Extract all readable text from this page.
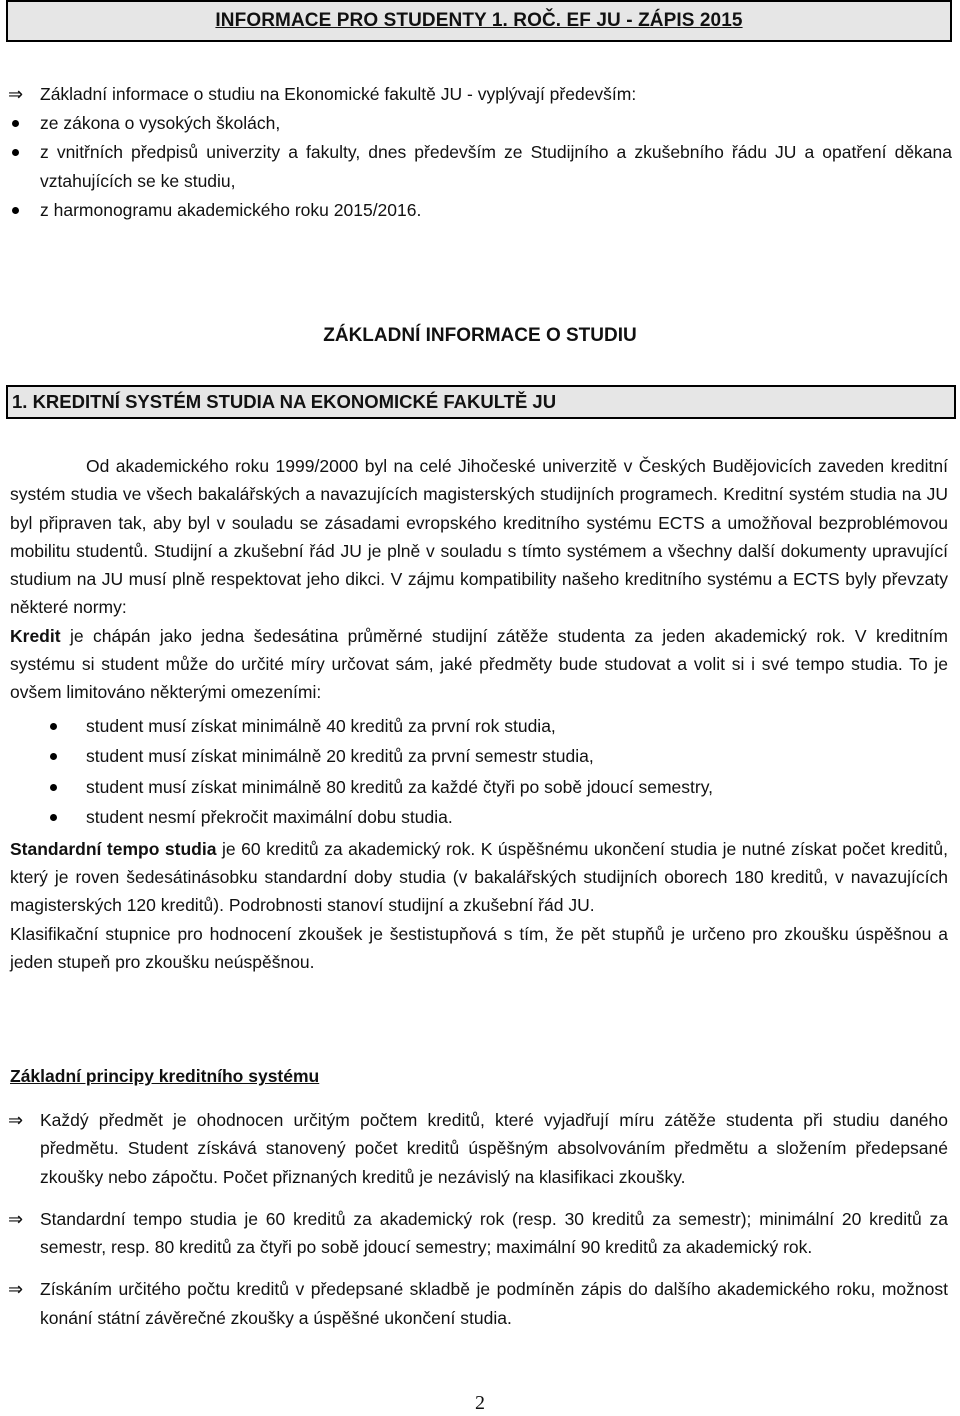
INFORMACE PRO STUDENTY 1. ROČ. EF JU - ZÁPIS 2015
⇒ Základní informace o studiu na Ekonomické fakultě JU - vyplývají především:
ze zákona o vysokých školách,
z vnitřních předpisů univerzity a fakulty, dnes především ze Studijního a zkušebního řádu JU a opatření děkana vztahujících se ke studiu,
z harmonogramu akademického roku 2015/2016.
ZÁKLADNÍ INFORMACE O STUDIU
1. KREDITNÍ SYSTÉM STUDIA NA EKONOMICKÉ FAKULTĚ JU

Od akademického roku 1999/2000 byl na celé Jihočeské univerzitě v Českých Budějovicích zaveden kreditní systém studia ve všech bakalářských a navazujících magisterských studijních programech. Kreditní systém studia na JU byl připraven tak, aby byl v souladu se zásadami evropského kreditního systému ECTS a umožňoval bezproblémovou mobilitu studentů. Studijní a zkušební řád JU je plně v souladu s tímto systémem a všechny další dokumenty upravující studium na JU musí plně respektovat jeho dikci. V zájmu kompatibility našeho kreditního systému a ECTS byly převzaty některé normy:

Kredit je chápán jako jedna šedesátina průměrné studijní zátěže studenta za jeden akademický rok. V kreditním systému si student může do určité míry určovat sám, jaké předměty bude studovat a volit si i své tempo studia. To je ovšem limitováno některými omezeními:

student musí získat minimálně 40 kreditů za první rok studia,
student musí získat minimálně 20 kreditů za první semestr studia,
student musí získat minimálně 80 kreditů za každé čtyři po sobě jdoucí semestry,
student nesmí překročit maximální dobu studia.

Standardní tempo studia je 60 kreditů za akademický rok. K úspěšnému ukončení studia je nutné získat počet kreditů, který je roven šedesátinásobku standardní doby studia (v bakalářských studijních oborech 180 kreditů, v navazujících magisterských 120 kreditů). Podrobnosti stanoví studijní a zkušební řád JU.

Klasifikační stupnice pro hodnocení zkoušek je šestistupňová s tím, že pět stupňů je určeno pro zkoušku úspěšnou a jeden stupeň pro zkoušku neúspěšnou.

Základní principy kreditního systému
⇒ Každý předmět je ohodnocen určitým počtem kreditů, které vyjadřují míru zátěže studenta při studiu daného předmětu. Student získává stanovený počet kreditů úspěšným absolvováním předmětu a složením předepsané zkoušky nebo zápočtu. Počet přiznaných kreditů je nezávislý na klasifikaci zkoušky.
⇒ Standardní tempo studia je 60 kreditů za akademický rok (resp. 30 kreditů za semestr); minimální 20 kreditů za semestr, resp. 80 kreditů za čtyři po sobě jdoucí semestry; maximální 90 kreditů za akademický rok.
⇒ Získáním určitého počtu kreditů v předepsané skladbě je podmíněn zápis do dalšího akademického roku, možnost konání státní závěrečné zkoušky a úspěšné ukončení studia.
2
